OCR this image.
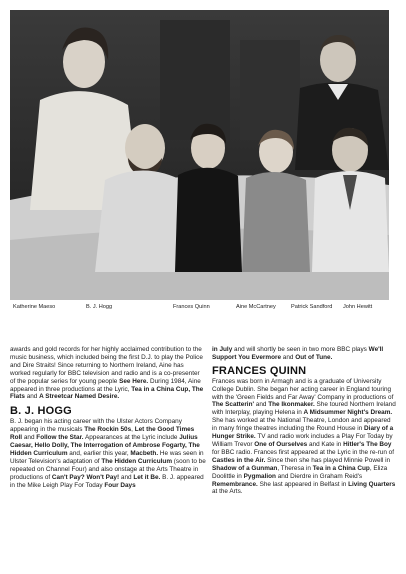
Katherine Maeso	B. J. Hogg	Frances Quinn	Aine McCartney	Patrick Sandford John Hewitt

awards and gold records for her highly acclaimed contribution to the music business, which included being the first D.J. to play the Police and Dire Straits! Since returning to Northern Ireland, Aine has worked regularly for BBC television and radio and is a co-presenter of the popular series for young people See Here. During 1984, Aine appeared in three productions at the Lyric, Tea in a China Cup, The Flats and A Streetcar Named Desire.

B. J. HOGG

B. J. began his acting career with the Ulster Actors Company appearing in the musicals The Rockin 50s, Let the Good Times Roll and Follow the Star. Appearances at the Lyric include Julius Caesar, Hello Dolly, The Interrogation of Ambrose Fogarty, The Hidden Curriculum and, earlier this year, Macbeth. He was seen in Ulster Television's adaptation of The Hidden Curriculum (soon to be repeated on Channel Four) and also onstage at the Arts Theatre in productions of Can't Pay? Won't Pay! and Let it Be. B. J. appeared in the Mike Leigh Play For Today Four Days

in July and will shortly be seen in two more BBC plays We'll Support You Evermore and Out of Tune.

FRANCES QUINN

Frances was born in Armagh and is a graduate of University College Dublin. She began her acting career in England touring with the 'Green Fields and Far Away' Company in productions of The Scatterin' and The Ikonmaker. She toured Northern Ireland with Interplay, playing Helena in A Midsummer Night's Dream. She has worked at the National Theatre, London and appeared in many fringe theatres including the Round House in Diary of a Hunger Strike. TV and radio work includes a Play For Today by William Trevor One of Ourselves and Kate in Hitler's The Boy for BBC radio. Frances first appeared at the Lyric in the re-run of Castles in the Air. Since then she has played Minnie Powell in Shadow of a Gunman, Theresa in Tea in a China Cup, Eliza Doolittle in Pygmalion and Dierdre in Graham Reid's Remembrance. She last appeared in Belfast in Living Quarters at the Arts.
